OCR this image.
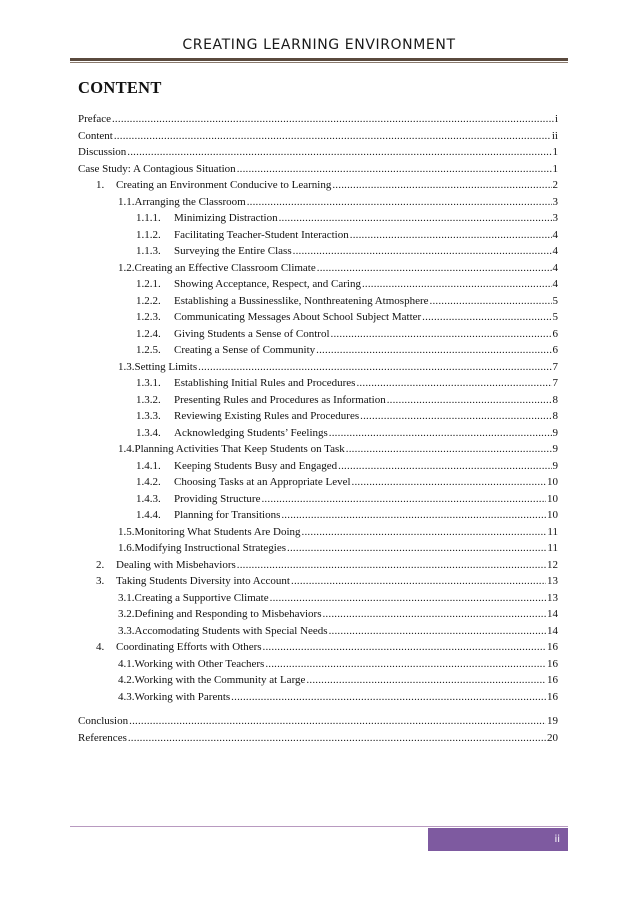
CREATING LEARNING ENVIRONMENT
CONTENT
Preface .....	i
Content .....	ii
Discussion .....	1
Case Study: A Contagious Situation .....	1
1.	Creating an Environment Conducive to Learning .....	2
1.1. Arranging the Classroom .....	3
1.1.1.	Minimizing Distraction .....	3
1.1.2.	Facilitating Teacher-Student Interaction .....	4
1.1.3.	Surveying the Entire Class .....	4
1.2. Creating an Effective Classroom Climate .....	4
1.2.1.	Showing Acceptance, Respect, and Caring .....	4
1.2.2.	Establishing a Bussinesslike, Nonthreatening Atmosphere .....	5
1.2.3.	Communicating Messages About School Subject Matter .....	5
1.2.4.	Giving Students a Sense of Control .....	6
1.2.5.	Creating a Sense of Community .....	6
1.3. Setting Limits .....	7
1.3.1.	Establishing Initial Rules and Procedures .....	7
1.3.2.	Presenting Rules and Procedures as Information .....	8
1.3.3.	Reviewing Existing Rules and Procedures .....	8
1.3.4.	Acknowledging Students’ Feelings .....	9
1.4. Planning Activities That Keep Students on Task .....	9
1.4.1.	Keeping Students Busy and Engaged .....	9
1.4.2.	Choosing Tasks at an Appropriate Level .....	10
1.4.3.	Providing Structure .....	10
1.4.4.	Planning for Transitions .....	10
1.5. Monitoring What Students Are Doing .....	11
1.6. Modifying Instructional Strategies .....	11
2.	Dealing with Misbehaviors .....	12
3.	Taking Students Diversity into Account .....	13
3.1. Creating a Supportive Climate .....	13
3.2. Defining and Responding to Misbehaviors .....	14
3.3. Accomodating Students with Special Needs .....	14
4.	Coordinating Efforts with Others .....	16
4.1. Working with Other Teachers .....	16
4.2. Working with the Community at Large .....	16
4.3. Working with Parents .....	16
Conclusion .....	19
References .....	20
ii
